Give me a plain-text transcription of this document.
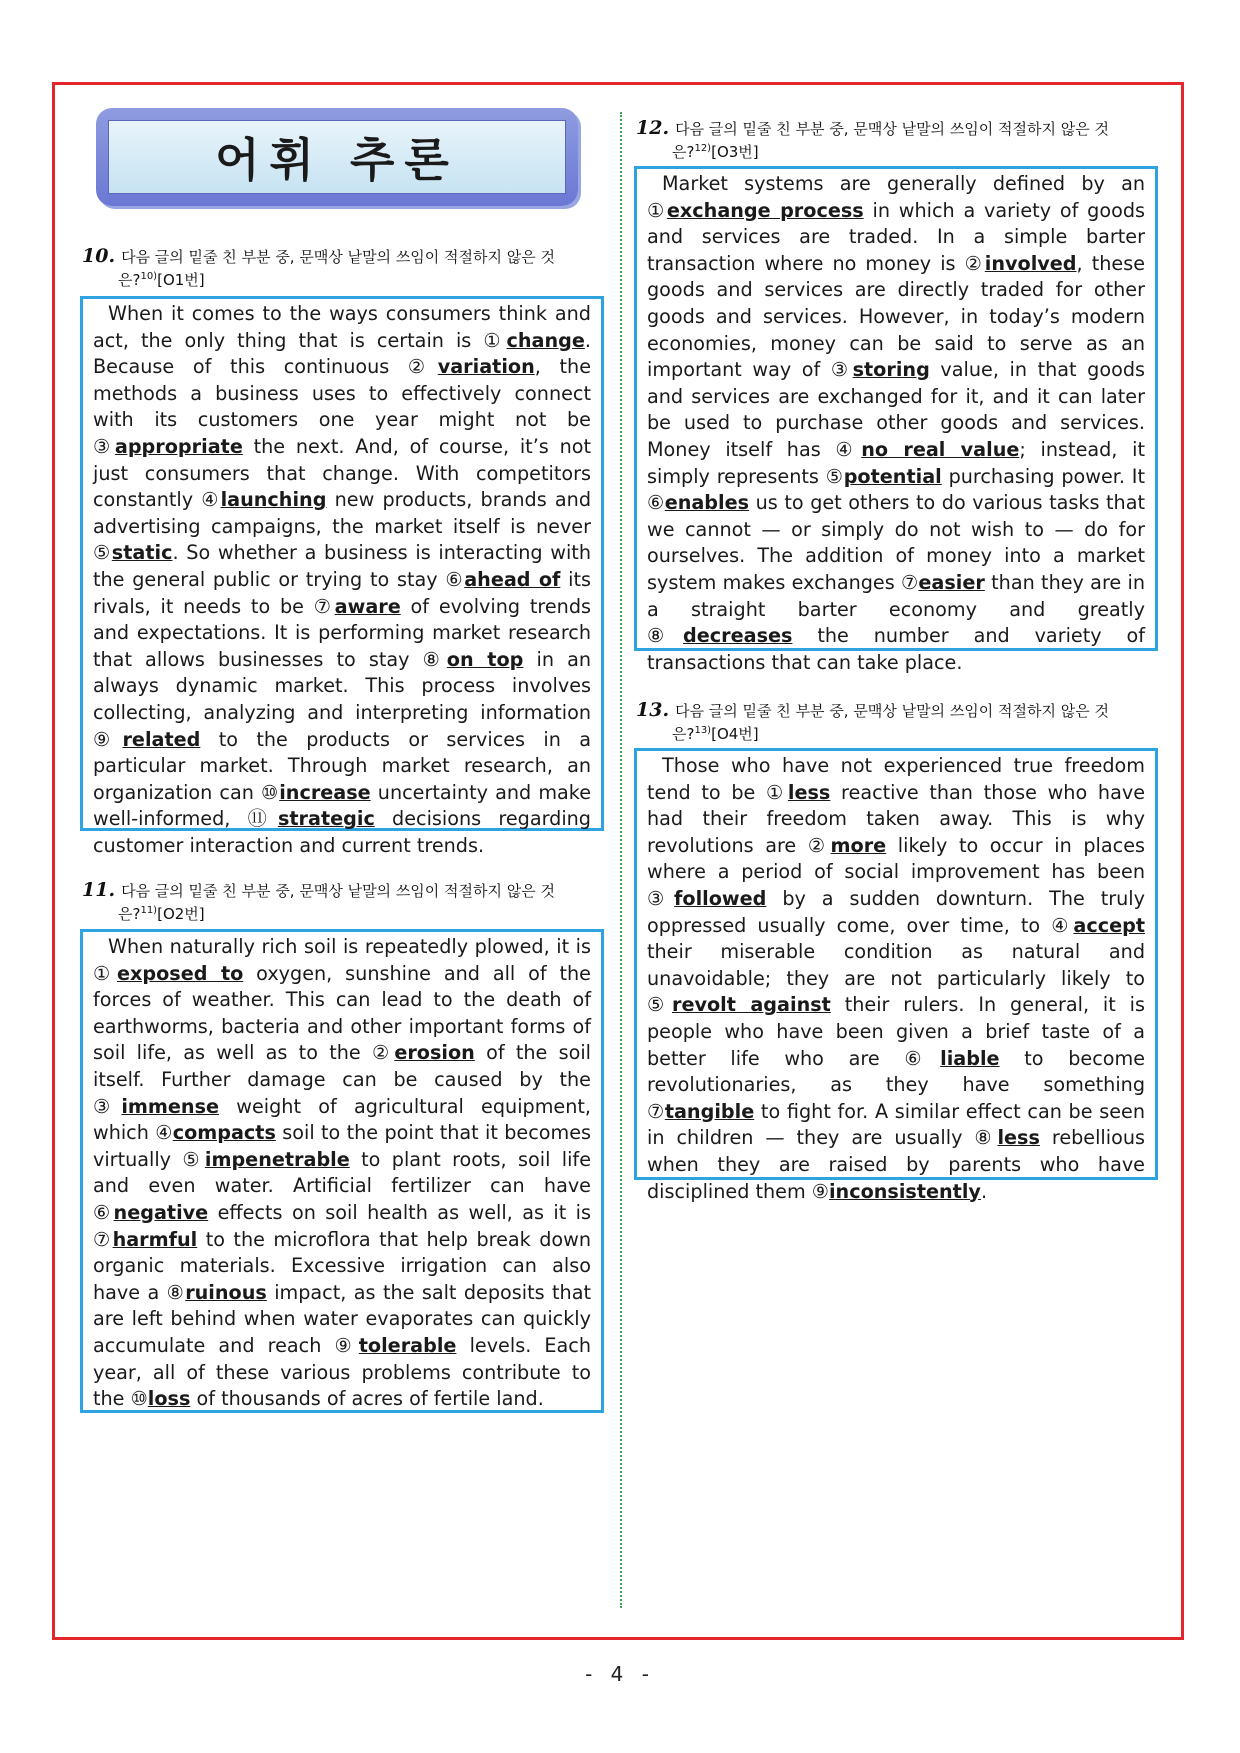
어휘 추론
10. 다음 글의 밑줄 친 부분 중, 문맥상 낱말의 쓰임이 적절하지 않은 것
은?$^{10)}$[O1번]

When it comes to the ways consumers think and act, the only thing that is certain is ①change. Because of this continuous ②variation, the methods a business uses to effectively connect with its customers one year might not be ③appropriate the next. And, of course, it’s not just consumers that change. With competitors constantly ④launching new products, brands and advertising campaigns, the market itself is never ⑤static. So whether a business is interacting with the general public or trying to stay ⑥ahead of its rivals, it needs to be ⑦aware of evolving trends and expectations. It is performing market research that allows businesses to stay ⑧on top in an always dynamic market. This process involves collecting, analyzing and interpreting information ⑨related to the products or services in a particular market. Through market research, an organization can ⑩increase uncertainty and make well-informed, ⑪strategic decisions regarding customer interaction and current trends.

11. 다음 글의 밑줄 친 부분 중, 문맥상 낱말의 쓰임이 적절하지 않은 것
은?$^{11)}$[O2번]

When naturally rich soil is repeatedly plowed, it is ①exposed to oxygen, sunshine and all of the forces of weather. This can lead to the death of earthworms, bacteria and other important forms of soil life, as well as to the ②erosion of the soil itself. Further damage can be caused by the ③immense weight of agricultural equipment, which ④compacts soil to the point that it becomes virtually ⑤impenetrable to plant roots, soil life and even water. Artificial fertilizer can have ⑥negative effects on soil health as well, as it is ⑦harmful to the microflora that help break down organic materials. Excessive irrigation can also have a ⑧ruinous impact, as the salt deposits that are left behind when water evaporates can quickly accumulate and reach ⑨tolerable levels. Each year, all of these various problems contribute to the ⑩loss of thousands of acres of fertile land.

12. 다음 글의 밑줄 친 부분 중, 문맥상 낱말의 쓰임이 적절하지 않은 것
은?$^{12)}$[O3번]

Market systems are generally defined by an ①exchange process in which a variety of goods and services are traded. In a simple barter transaction where no money is ②involved, these goods and services are directly traded for other goods and services. However, in today’s modern economies, money can be said to serve as an important way of ③storing value, in that goods and services are exchanged for it, and it can later be used to purchase other goods and services. Money itself has ④no real value; instead, it simply represents ⑤potential purchasing power. It ⑥enables us to get others to do various tasks that we cannot — or simply do not wish to — do for ourselves. The addition of money into a market system makes exchanges ⑦easier than they are in a straight barter economy and greatly ⑧decreases the number and variety of transactions that can take place.

13. 다음 글의 밑줄 친 부분 중, 문맥상 낱말의 쓰임이 적절하지 않은 것
은?$^{13)}$[O4번]

Those who have not experienced true freedom tend to be ①less reactive than those who have had their freedom taken away. This is why revolutions are ②more likely to occur in places where a period of social improvement has been ③followed by a sudden downturn. The truly oppressed usually come, over time, to ④accept their miserable condition as natural and unavoidable; they are not particularly likely to ⑤revolt against their rulers. In general, it is people who have been given a brief taste of a better life who are ⑥liable to become revolutionaries, as they have something ⑦tangible to fight for. A similar effect can be seen in children — they are usually ⑧less rebellious when they are raised by parents who have disciplined them ⑨inconsistently.

- 4 -
